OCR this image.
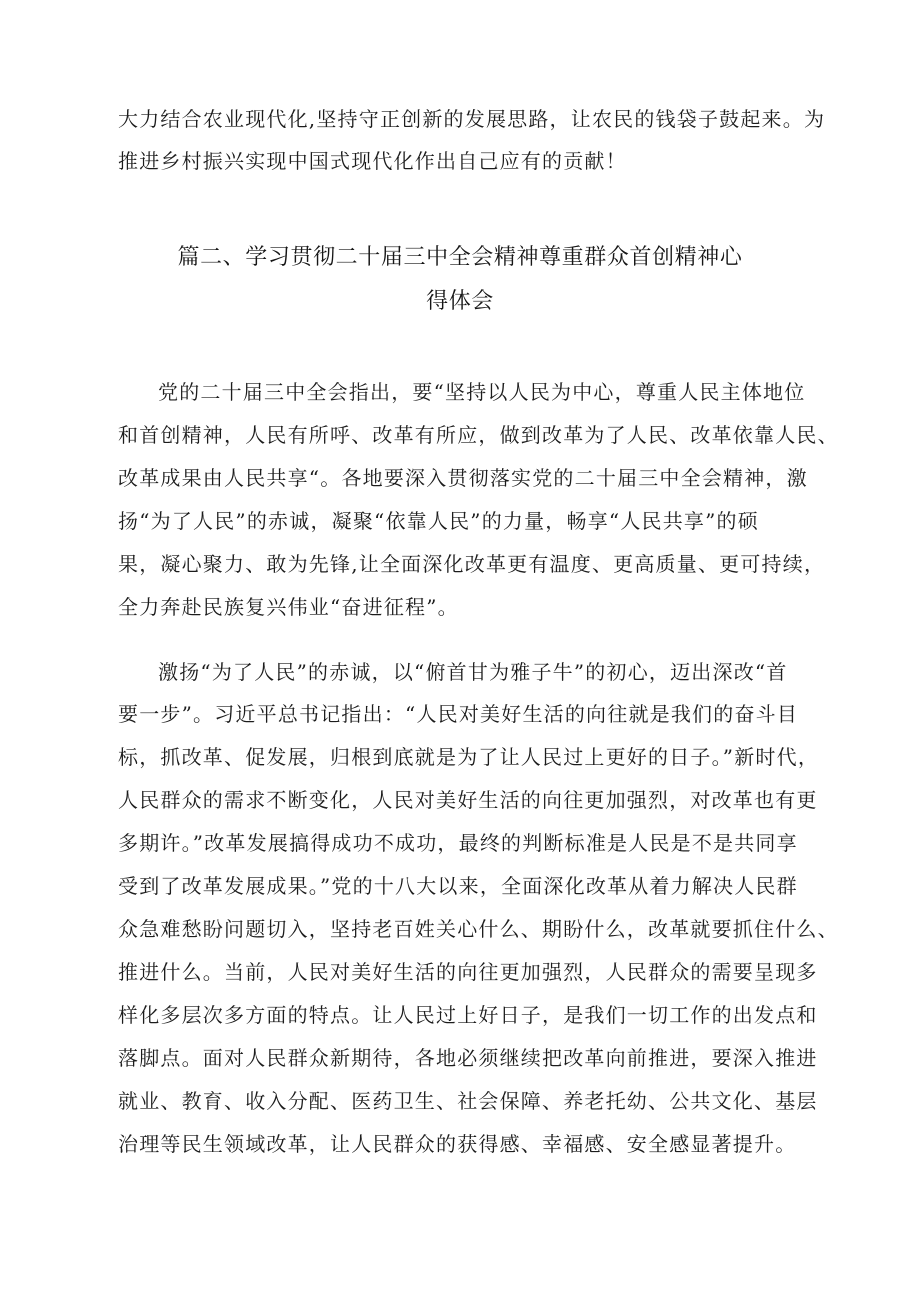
大力结合农业现代化,坚持守正创新的发展思路，让农民的钱袋子鼓起来。为
推进乡村振兴实现中国式现代化作出自己应有的贡献！
篇二、学习贯彻二十届三中全会精神尊重群众首创精神心
得体会
党的二十届三中全会指出，要“坚持以人民为中心，尊重人民主体地位
和首创精神，人民有所呼、改革有所应，做到改革为了人民、改革依靠人民、
改革成果由人民共享“。各地要深入贯彻落实党的二十届三中全会精神，激
扬“为了人民”的赤诚，凝聚“依靠人民”的力量，畅享“人民共享”的硕
果，凝心聚力、敢为先锋,让全面深化改革更有温度、更高质量、更可持续，
全力奔赴民族复兴伟业“奋进征程”。
激扬“为了人民”的赤诚，以“俯首甘为雅子牛”的初心，迈出深改“首
要一步”。习近平总书记指出：“人民对美好生活的向往就是我们的奋斗目
标，抓改革、促发展，归根到底就是为了让人民过上更好的日子。”新时代，
人民群众的需求不断变化，人民对美好生活的向往更加强烈，对改革也有更
多期许。”改革发展搞得成功不成功，最终的判断标准是人民是不是共同享
受到了改革发展成果。”党的十八大以来，全面深化改革从着力解决人民群
众急难愁盼问题切入，坚持老百姓关心什么、期盼什么，改革就要抓住什么、
推进什么。当前，人民对美好生活的向往更加强烈，人民群众的需要呈现多
样化多层次多方面的特点。让人民过上好日子，是我们一切工作的出发点和
落脚点。面对人民群众新期待，各地必须继续把改革向前推进，要深入推进
就业、教育、收入分配、医药卫生、社会保障、养老托幼、公共文化、基层
治理等民生领域改革，让人民群众的获得感、幸福感、安全感显著提升。
